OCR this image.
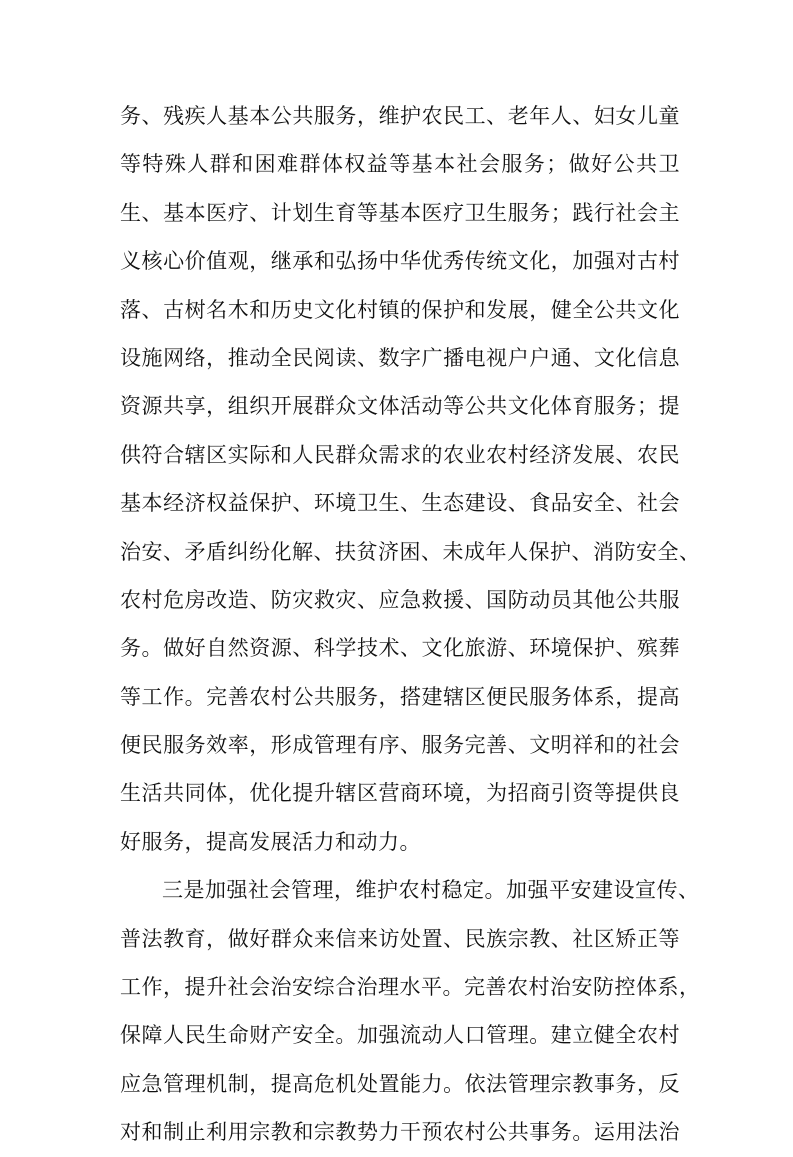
务、残疾人基本公共服务，维护农民工、老年人、妇女儿童
等特殊人群和困难群体权益等基本社会服务；做好公共卫
生、基本医疗、计划生育等基本医疗卫生服务；践行社会主
义核心价值观，继承和弘扬中华优秀传统文化，加强对古村
落、古树名木和历史文化村镇的保护和发展，健全公共文化
设施网络，推动全民阅读、数字广播电视户户通、文化信息
资源共享，组织开展群众文体活动等公共文化体育服务；提
供符合辖区实际和人民群众需求的农业农村经济发展、农民
基本经济权益保护、环境卫生、生态建设、食品安全、社会
治安、矛盾纠纷化解、扶贫济困、未成年人保护、消防安全、
农村危房改造、防灾救灾、应急救援、国防动员其他公共服
务。做好自然资源、科学技术、文化旅游、环境保护、殡葬
等工作。完善农村公共服务，搭建辖区便民服务体系，提高
便民服务效率，形成管理有序、服务完善、文明祥和的社会
生活共同体，优化提升辖区营商环境，为招商引资等提供良
好服务，提高发展活力和动力。
三是加强社会管理，维护农村稳定。加强平安建设宣传、
普法教育，做好群众来信来访处置、民族宗教、社区矫正等
工作，提升社会治安综合治理水平。完善农村治安防控体系，
保障人民生命财产安全。加强流动人口管理。建立健全农村
应急管理机制，提高危机处置能力。依法管理宗教事务，反
对和制止利用宗教和宗教势力干预农村公共事务。运用法治
